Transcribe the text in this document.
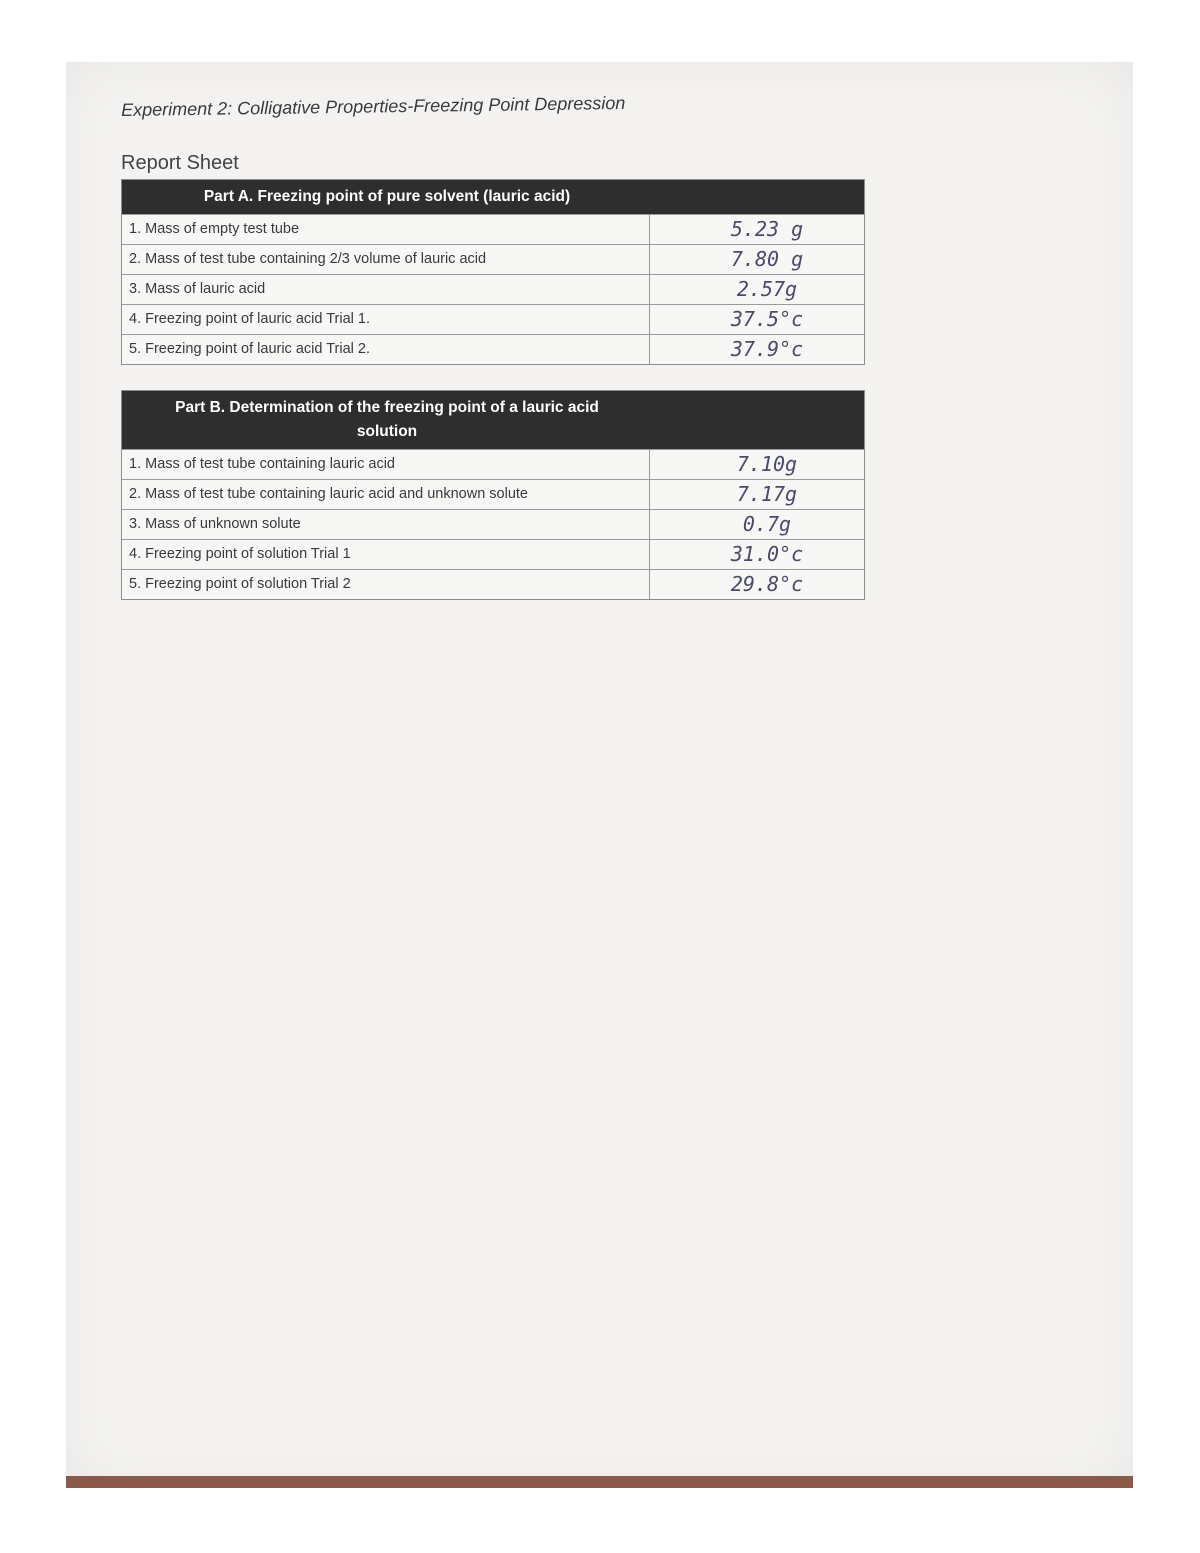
Experiment 2: Colligative Properties-Freezing Point Depression
Report Sheet
Part A. Freezing point of pure solvent (lauric acid)
1. Mass of empty test tube	5.23 g
2. Mass of test tube containing 2/3 volume of lauric acid	7.80 g
3. Mass of lauric acid	2.57g
4. Freezing point of lauric acid Trial 1.	37.5°c
5. Freezing point of lauric acid Trial 2.	37.9°c
Part B. Determination of the freezing point of a lauric acid
solution
1. Mass of test tube containing lauric acid	7.10g
2. Mass of test tube containing lauric acid and unknown solute	7.17g
3. Mass of unknown solute	0.7g
4. Freezing point of solution Trial 1	31.0°c
5. Freezing point of solution Trial 2	29.8°c
